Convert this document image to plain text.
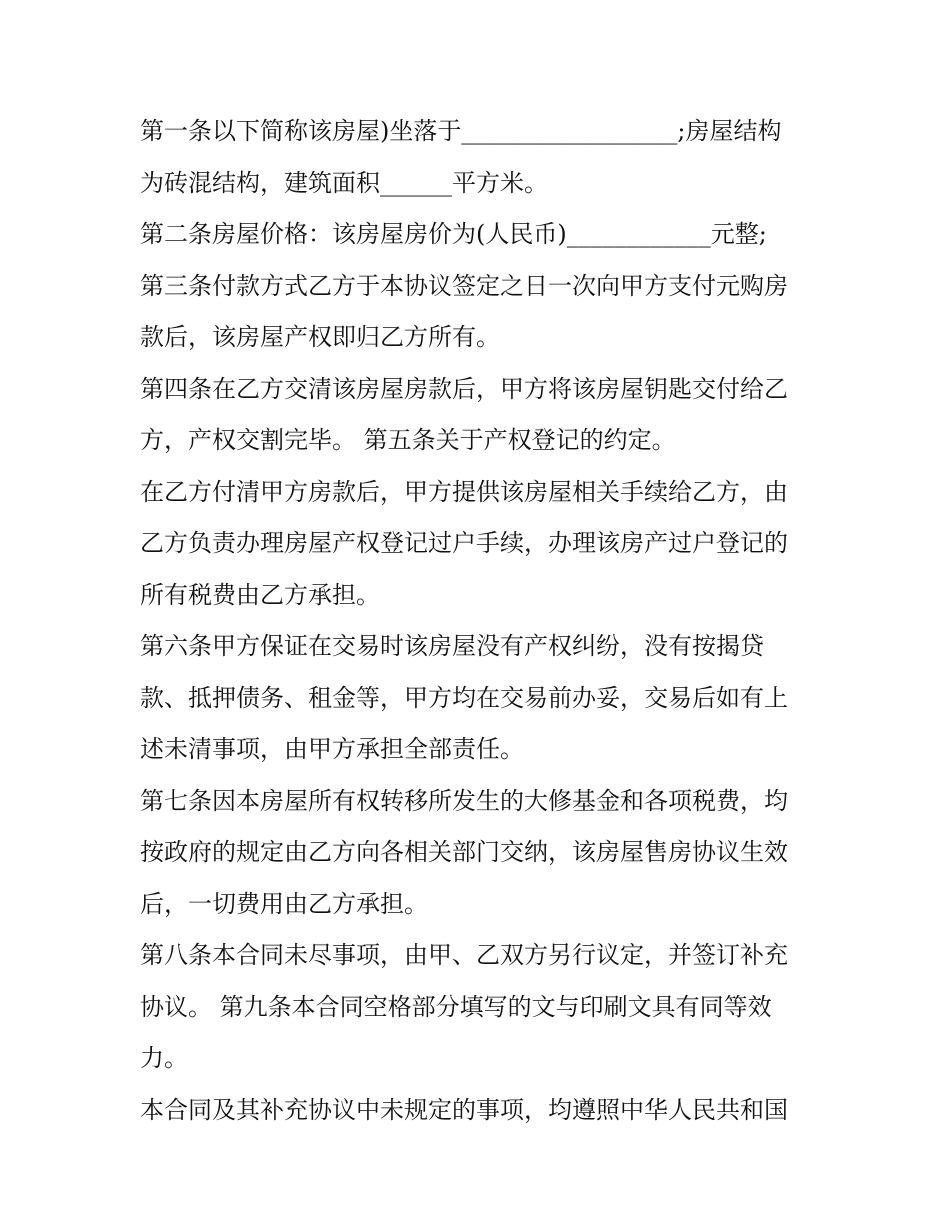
第一条以下简称该房屋)坐落于__________________;房屋结构
为砖混结构，建筑面积______平方米。
第二条房屋价格：该房屋房价为(人民币)____________元整;
第三条付款方式乙方于本协议签定之日一次向甲方支付元购房
款后，该房屋产权即归乙方所有。
第四条在乙方交清该房屋房款后，甲方将该房屋钥匙交付给乙
方，产权交割完毕。 第五条关于产权登记的约定。
在乙方付清甲方房款后，甲方提供该房屋相关手续给乙方，由
乙方负责办理房屋产权登记过户手续，办理该房产过户登记的
所有税费由乙方承担。
第六条甲方保证在交易时该房屋没有产权纠纷，没有按揭贷
款、抵押债务、租金等，甲方均在交易前办妥，交易后如有上
述未清事项，由甲方承担全部责任。
第七条因本房屋所有权转移所发生的大修基金和各项税费，均
按政府的规定由乙方向各相关部门交纳，该房屋售房协议生效
后，一切费用由乙方承担。
第八条本合同未尽事项，由甲、乙双方另行议定，并签订补充
协议。 第九条本合同空格部分填写的文与印刷文具有同等效
力。
本合同及其补充协议中未规定的事项，均遵照中华人民共和国
